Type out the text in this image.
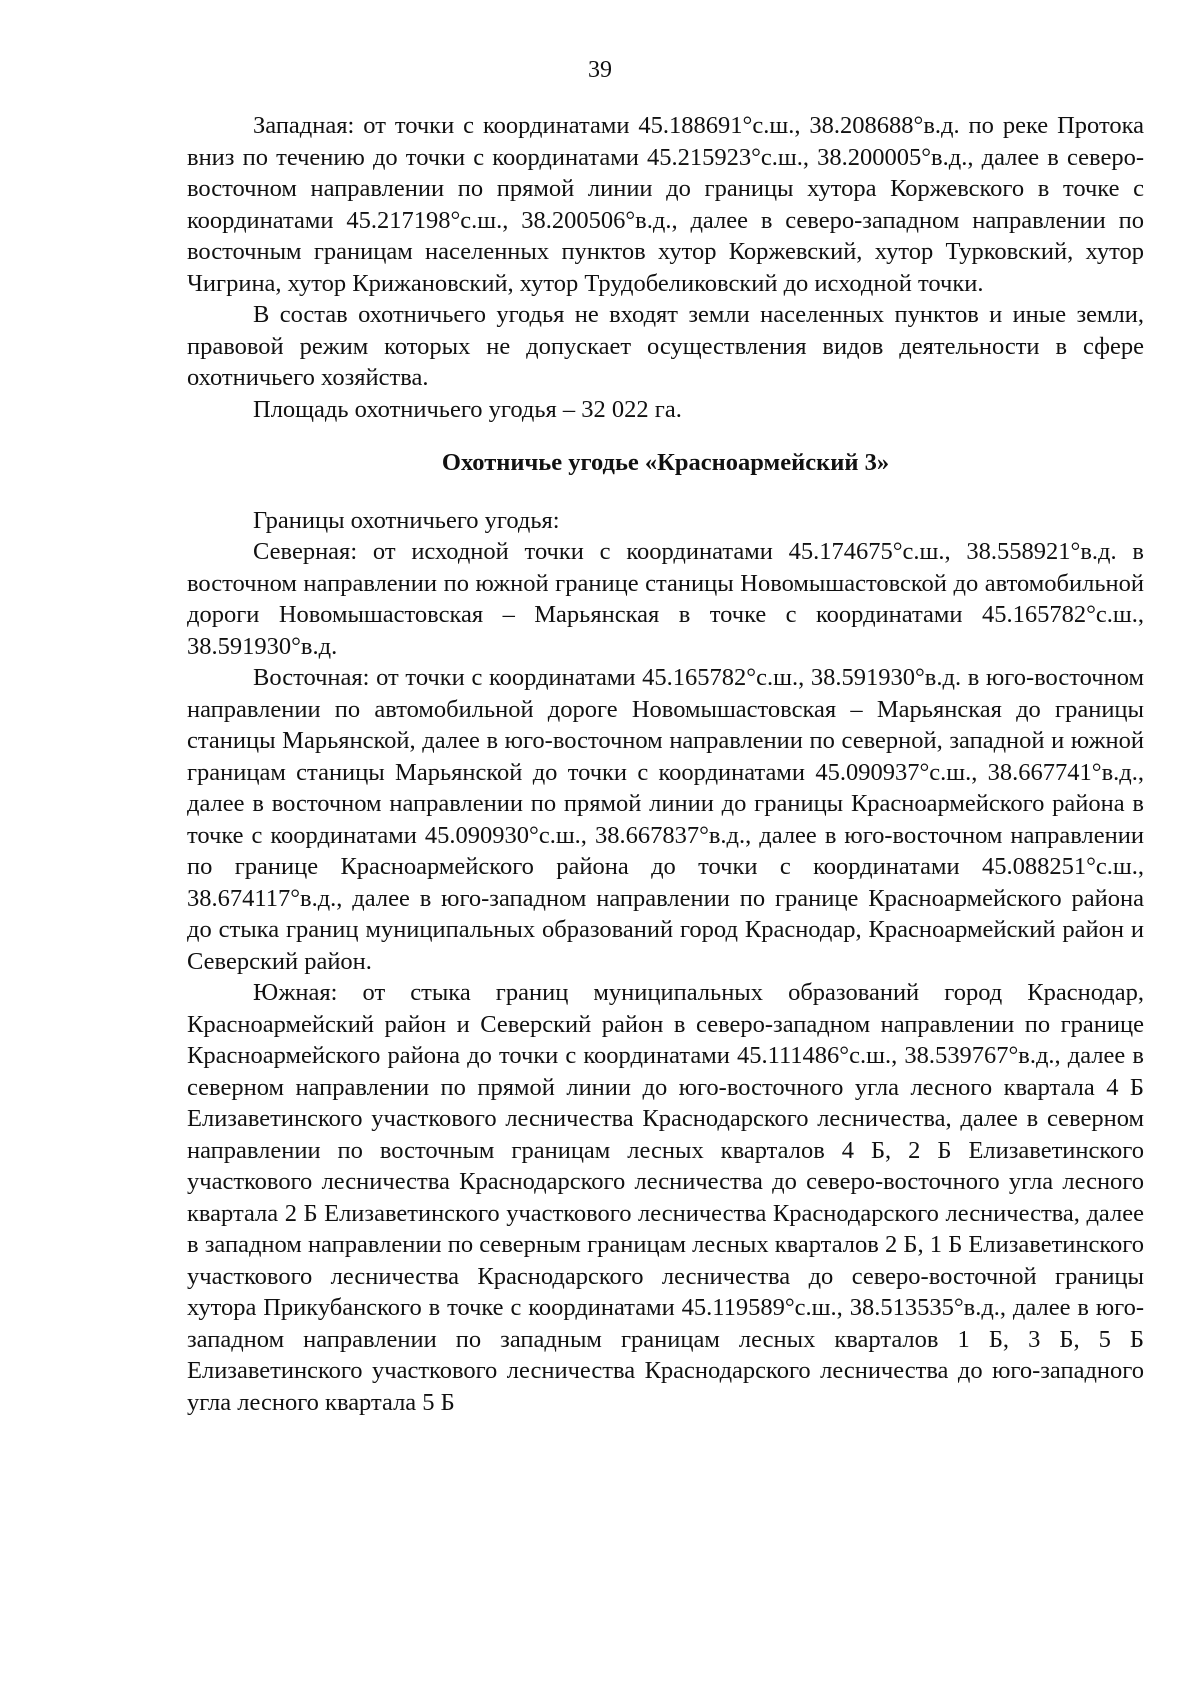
39

Западная: от точки с координатами 45.188691°с.ш., 38.208688°в.д. по реке Протока вниз по течению до точки с координатами 45.215923°с.ш., 38.200005°в.д., далее в северо-восточном направлении по прямой линии до границы хутора Коржевского в точке с координатами 45.217198°с.ш., 38.200506°в.д., далее в северо-западном направлении по восточным границам населенных пунктов хутор Коржевский, хутор Турковский, хутор Чигрина, хутор Крижановский, хутор Трудобеликовский до исходной точки.

В состав охотничьего угодья не входят земли населенных пунктов и иные земли, правовой режим которых не допускает осуществления видов деятельности в сфере охотничьего хозяйства.

Площадь охотничьего угодья – 32 022 га.

Охотничье угодье «Красноармейский 3»

Границы охотничьего угодья:

Северная: от исходной точки с координатами 45.174675°с.ш., 38.558921°в.д. в восточном направлении по южной границе станицы Новомышастовской до автомобильной дороги Новомышастовская – Марьянская в точке с координатами 45.165782°с.ш., 38.591930°в.д.

Восточная: от точки с координатами 45.165782°с.ш., 38.591930°в.д. в юго-восточном направлении по автомобильной дороге Новомышастовская – Марьянская до границы станицы Марьянской, далее в юго-восточном направлении по северной, западной и южной границам станицы Марьянской до точки с координатами 45.090937°с.ш., 38.667741°в.д., далее в восточном направлении по прямой линии до границы Красноармейского района в точке с координатами 45.090930°с.ш., 38.667837°в.д., далее в юго-восточном направлении по границе Красноармейского района до точки с координатами 45.088251°с.ш., 38.674117°в.д., далее в юго-западном направлении по границе Красноармейского района до стыка границ муниципальных образований город Краснодар, Красноармейский район и Северский район.

Южная: от стыка границ муниципальных образований город Краснодар, Красноармейский район и Северский район в северо-западном направлении по границе Красноармейского района до точки с координатами 45.111486°с.ш., 38.539767°в.д., далее в северном направлении по прямой линии до юго-восточного угла лесного квартала 4 Б Елизаветинского участкового лесничества Краснодарского лесничества, далее в северном направлении по восточным границам лесных кварталов 4 Б, 2 Б Елизаветинского участкового лесничества Краснодарского лесничества до северо-восточного угла лесного квартала 2 Б Елизаветинского участкового лесничества Краснодарского лесничества, далее в западном направлении по северным границам лесных кварталов 2 Б, 1 Б Елизаветинского участкового лесничества Краснодарского лесничества до северо-восточной границы хутора Прикубанского в точке с координатами 45.119589°с.ш., 38.513535°в.д., далее в юго-западном направлении по западным границам лесных кварталов 1 Б, 3 Б, 5 Б Елизаветинского участкового лесничества Краснодарского лесничества до юго-западного угла лесного квартала 5 Б
